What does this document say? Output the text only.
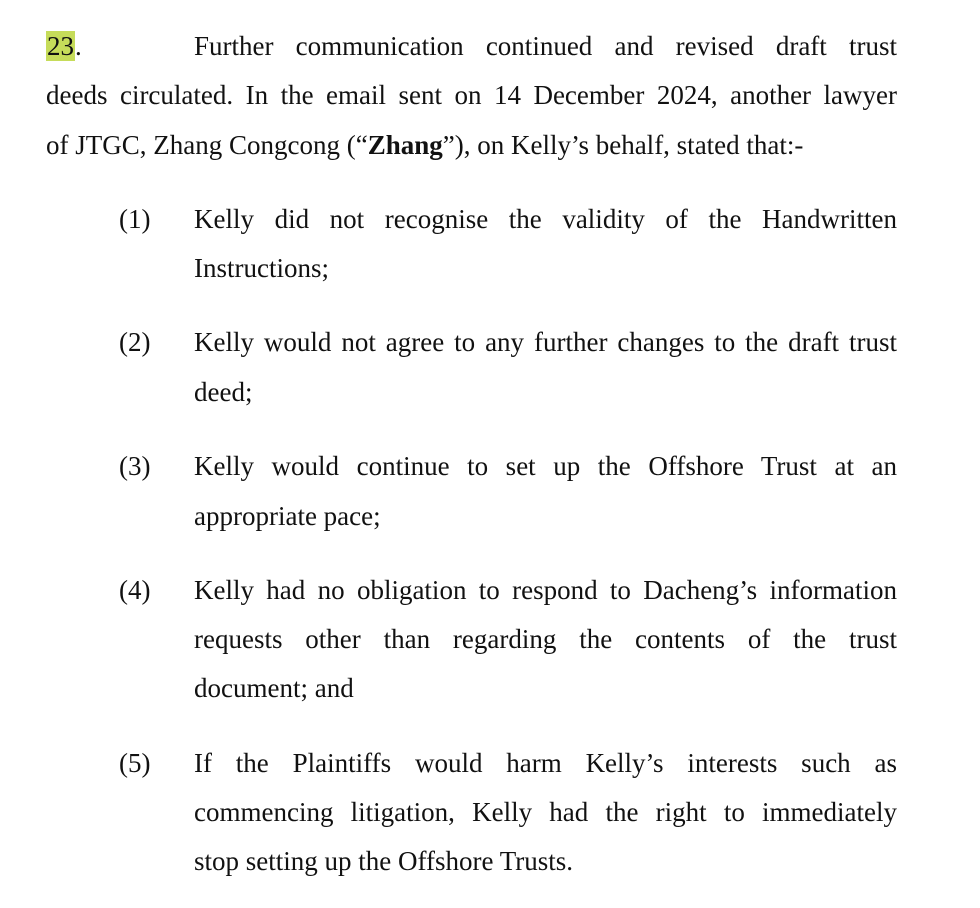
23.	Further communication continued and revised draft trust
deeds circulated. In the email sent on 14 December 2024, another lawyer
of JTGC, Zhang Congcong (“Zhang”), on Kelly’s behalf, stated that:-
(1)	Kelly did not recognise the validity of the Handwritten
Instructions;
(2)	Kelly would not agree to any further changes to the draft trust
deed;
(3)	Kelly would continue to set up the Offshore Trust at an
appropriate pace;
(4)	Kelly had no obligation to respond to Dacheng’s information
requests other than regarding the contents of the trust
document; and
(5)	If the Plaintiffs would harm Kelly’s interests such as
commencing litigation, Kelly had the right to immediately
stop setting up the Offshore Trusts.
